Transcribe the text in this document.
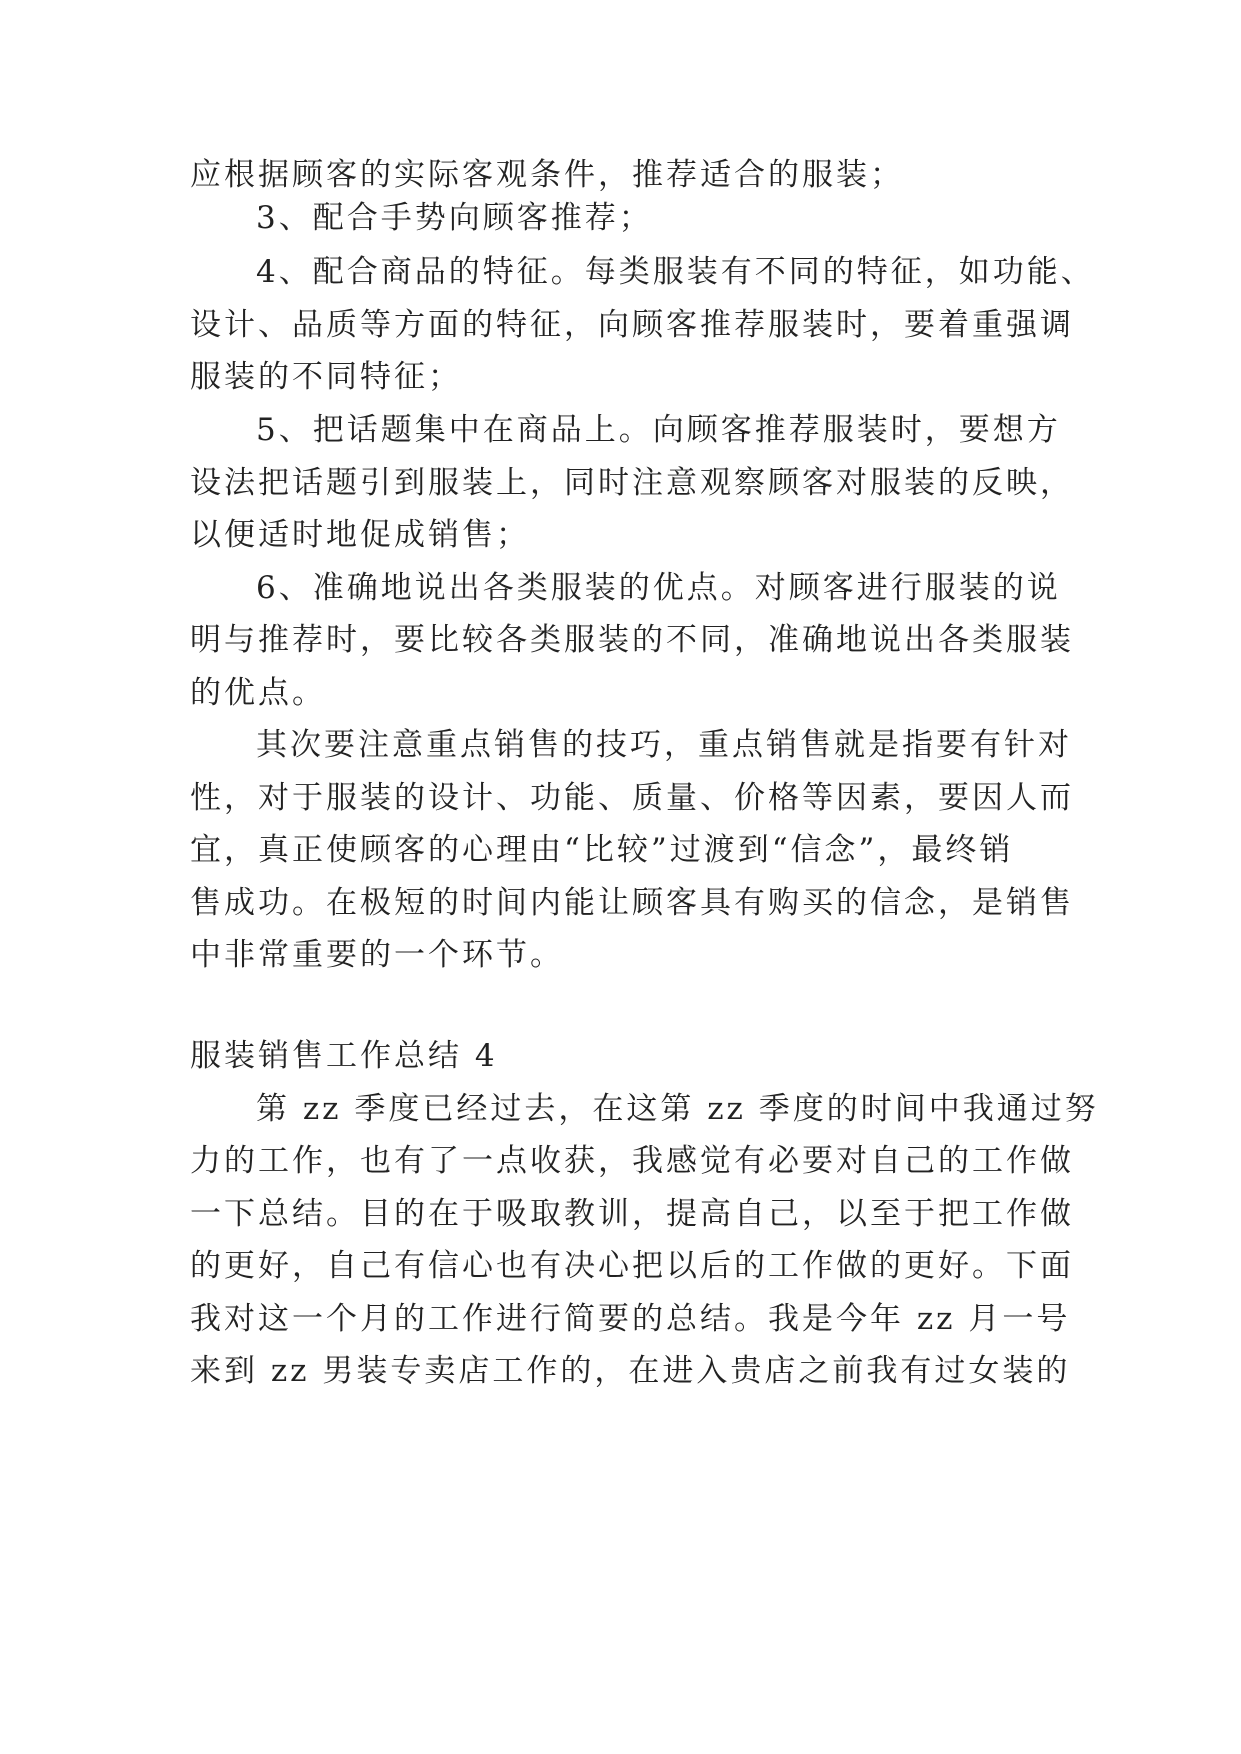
应根据顾客的实际客观条件，推荐适合的服装；
3、配合手势向顾客推荐；
4、配合商品的特征。每类服装有不同的特征，如功能、
设计、品质等方面的特征，向顾客推荐服装时，要着重强调
服装的不同特征；
5、把话题集中在商品上。向顾客推荐服装时，要想方
设法把话题引到服装上，同时注意观察顾客对服装的反映，
以便适时地促成销售；
6、准确地说出各类服装的优点。对顾客进行服装的说
明与推荐时，要比较各类服装的不同，准确地说出各类服装
的优点。
其次要注意重点销售的技巧，重点销售就是指要有针对
性，对于服装的设计、功能、质量、价格等因素，要因人而
宜，真正使顾客的心理由“比较”过渡到“信念”，最终销
售成功。在极短的时间内能让顾客具有购买的信念，是销售
中非常重要的一个环节。
服装销售工作总结 4
第 zz 季度已经过去，在这第 zz 季度的时间中我通过努
力的工作，也有了一点收获，我感觉有必要对自己的工作做
一下总结。目的在于吸取教训，提高自己，以至于把工作做
的更好，自己有信心也有决心把以后的工作做的更好。下面
我对这一个月的工作进行简要的总结。我是今年 zz 月一号
来到 zz 男装专卖店工作的，在进入贵店之前我有过女装的
